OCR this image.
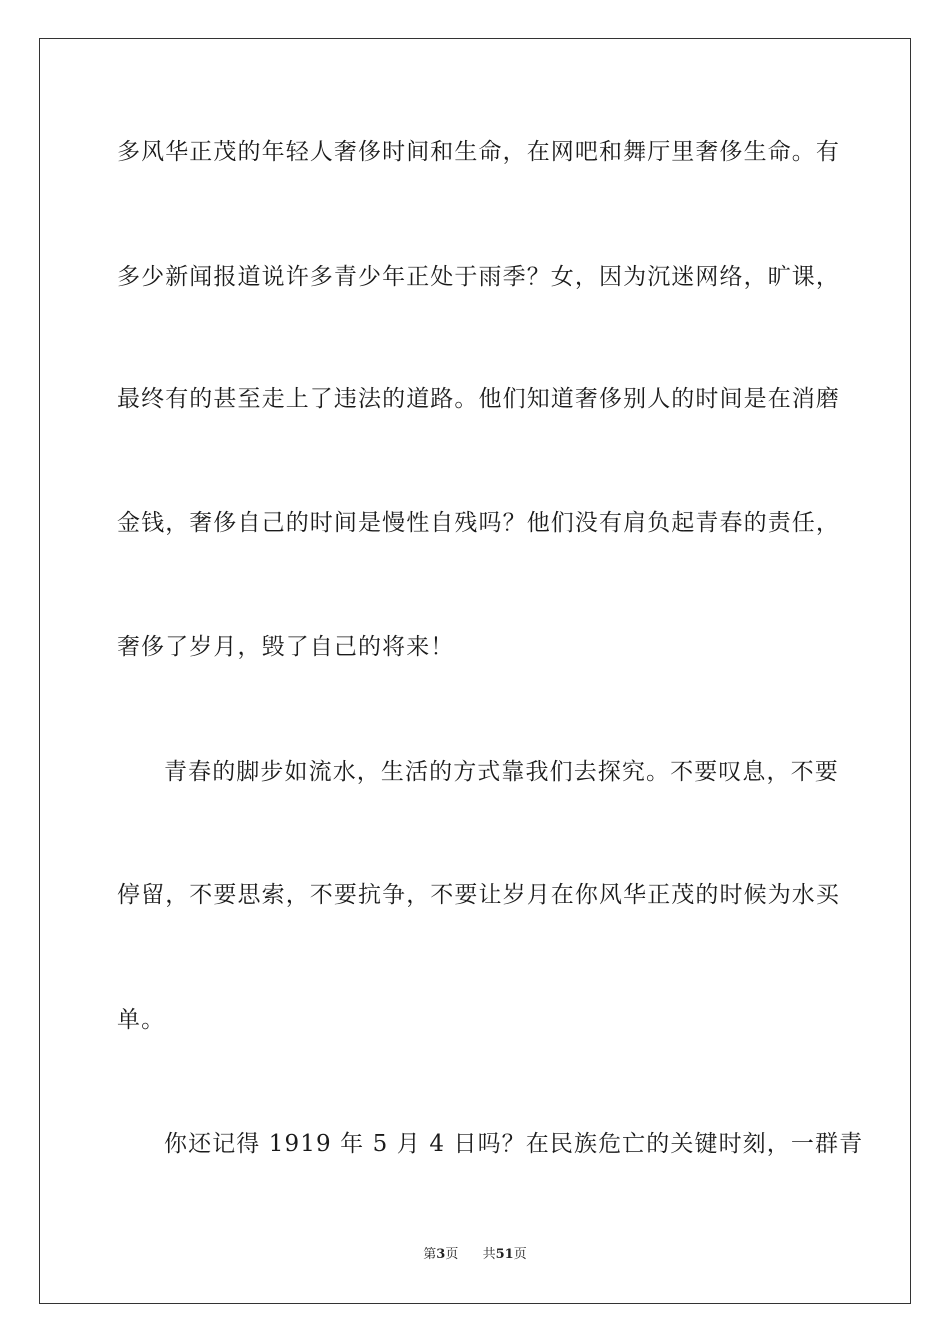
多风华正茂的年轻人奢侈时间和生命，在网吧和舞厅里奢侈生命。有
多少新闻报道说许多青少年正处于雨季？女，因为沉迷网络，旷课，
最终有的甚至走上了违法的道路。他们知道奢侈别人的时间是在消磨
金钱，奢侈自己的时间是慢性自残吗？他们没有肩负起青春的责任，
奢侈了岁月，毁了自己的将来！
青春的脚步如流水，生活的方式靠我们去探究。不要叹息，不要
停留，不要思索，不要抗争，不要让岁月在你风华正茂的时候为水买
单。
你还记得 1919 年 5 月 4 日吗？在民族危亡的关键时刻，一群青
第3页 共51页
